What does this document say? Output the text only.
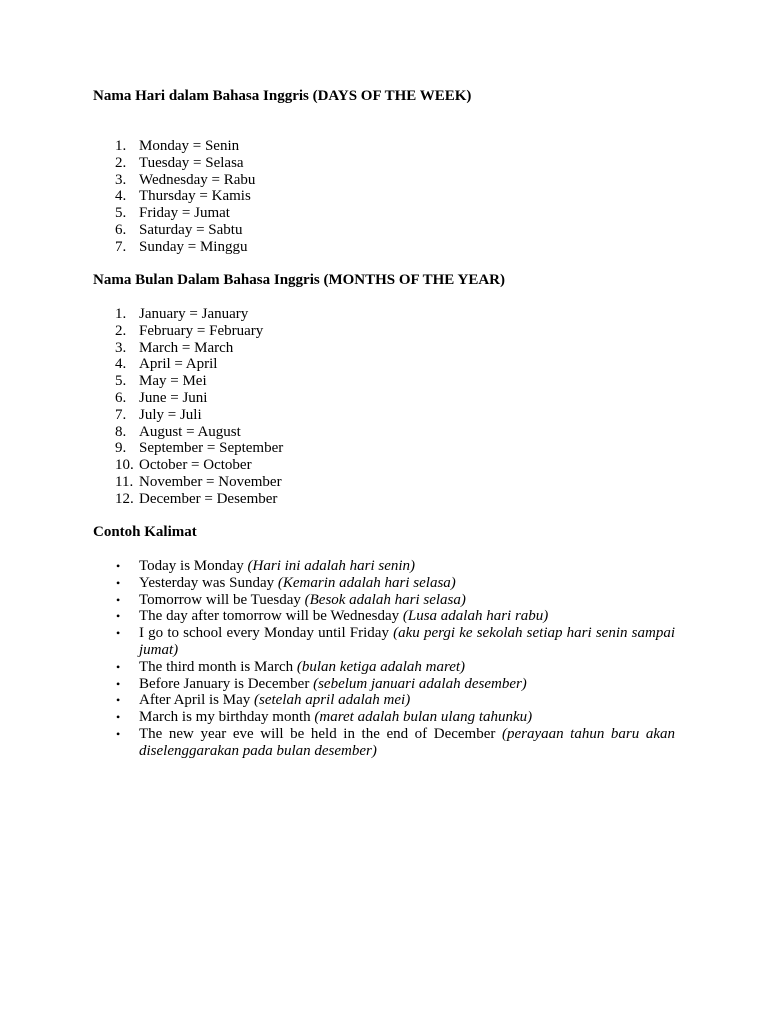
Nama Hari dalam Bahasa Inggris (DAYS OF THE WEEK)
1. Monday = Senin
2. Tuesday = Selasa
3. Wednesday = Rabu
4. Thursday = Kamis
5. Friday = Jumat
6. Saturday = Sabtu
7. Sunday = Minggu
Nama Bulan Dalam Bahasa Inggris (MONTHS OF THE YEAR)
1. January = January
2. February = February
3. March = March
4. April = April
5. May = Mei
6. June = Juni
7. July = Juli
8. August = August
9. September = September
10. October = October
11. November = November
12. December = Desember
Contoh Kalimat
• Today is Monday (Hari ini adalah hari senin)
• Yesterday was Sunday (Kemarin adalah hari selasa)
• Tomorrow will be Tuesday (Besok adalah hari selasa)
• The day after tomorrow will be Wednesday (Lusa adalah hari rabu)
• I go to school every Monday until Friday (aku pergi ke sekolah setiap hari senin sampai jumat)
• The third month is March (bulan ketiga adalah maret)
• Before January is December (sebelum januari adalah desember)
• After April is May (setelah april adalah mei)
• March is my birthday month (maret adalah bulan ulang tahunku)
• The new year eve will be held in the end of December (perayaan tahun baru akan diselenggarakan pada bulan desember)
